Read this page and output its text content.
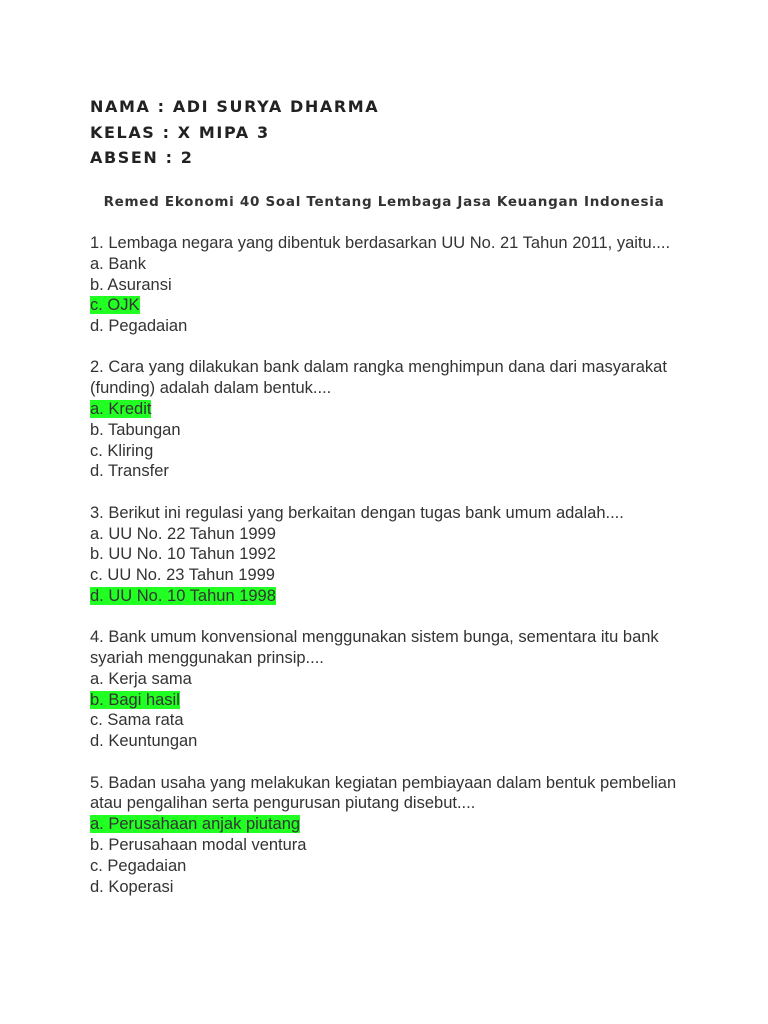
NAMA : ADI SURYA DHARMA
KELAS : X MIPA 3
ABSEN : 2
Remed Ekonomi 40 Soal Tentang Lembaga Jasa Keuangan Indonesia
1. Lembaga negara yang dibentuk berdasarkan UU No. 21 Tahun 2011, yaitu....
a. Bank
b. Asuransi
c. OJK
d. Pegadaian
2. Cara yang dilakukan bank dalam rangka menghimpun dana dari masyarakat (funding) adalah dalam bentuk....
a. Kredit
b. Tabungan
c. Kliring
d. Transfer
3. Berikut ini regulasi yang berkaitan dengan tugas bank umum adalah....
a. UU No. 22 Tahun 1999
b. UU No. 10 Tahun 1992
c. UU No. 23 Tahun 1999
d. UU No. 10 Tahun 1998
4. Bank umum konvensional menggunakan sistem bunga, sementara itu bank syariah menggunakan prinsip....
a. Kerja sama
b. Bagi hasil
c. Sama rata
d. Keuntungan
5. Badan usaha yang melakukan kegiatan pembiayaan dalam bentuk pembelian atau pengalihan serta pengurusan piutang disebut....
a. Perusahaan anjak piutang
b. Perusahaan modal ventura
c. Pegadaian
d. Koperasi
